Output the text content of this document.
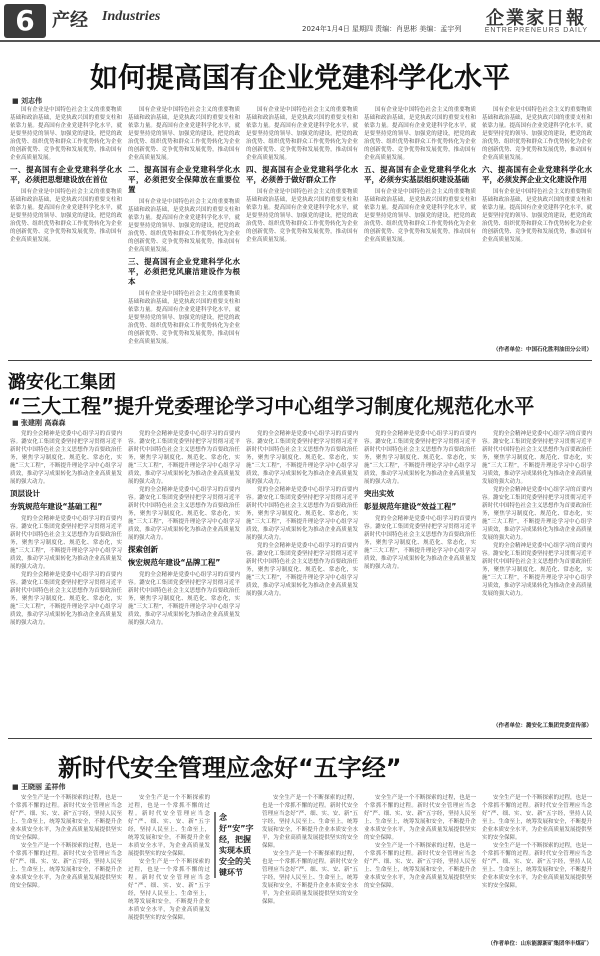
6 产经 Industries
2024年1月4日 星期四 责编：肖思彬 美编：孟宇列 企業家日報
ENTREPRENEURS DAILY
如何提高国有企业党建科学化水平
■ 刘志伟

国有企业是中国特色社会主义的重要物质基础和政治基础，是党执政兴国的重要支柱和依靠力量。提高国有企业党建科学化水平，就是要坚持党的领导、加强党的建设，把党的政治优势、组织优势和群众工作优势转化为企业的创新优势、竞争优势和发展优势，推动国有企业高质量发展。

一、提高国有企业党建科学化水平，必须把思想建设放在首位

国有企业是中国特色社会主义的重要物质基础和政治基础，是党执政兴国的重要支柱和依靠力量。提高国有企业党建科学化水平，就是要坚持党的领导、加强党的建设，把党的政治优势、组织优势和群众工作优势转化为企业的创新优势、竞争优势和发展优势，推动国有企业高质量发展。

国有企业是中国特色社会主义的重要物质基础和政治基础，是党执政兴国的重要支柱和依靠力量。提高国有企业党建科学化水平，就是要坚持党的领导、加强党的建设，把党的政治优势、组织优势和群众工作优势转化为企业的创新优势、竞争优势和发展优势，推动国有企业高质量发展。

二、提高国有企业党建科学化水平，必须把安全保障放在重要位置

国有企业是中国特色社会主义的重要物质基础和政治基础，是党执政兴国的重要支柱和依靠力量。提高国有企业党建科学化水平，就是要坚持党的领导、加强党的建设，把党的政治优势、组织优势和群众工作优势转化为企业的创新优势、竞争优势和发展优势，推动国有企业高质量发展。

三、提高国有企业党建科学化水平，必须把党风廉洁建设作为根本

国有企业是中国特色社会主义的重要物质基础和政治基础，是党执政兴国的重要支柱和依靠力量。提高国有企业党建科学化水平，就是要坚持党的领导、加强党的建设，把党的政治优势、组织优势和群众工作优势转化为企业的创新优势、竞争优势和发展优势，推动国有企业高质量发展。

国有企业是中国特色社会主义的重要物质基础和政治基础，是党执政兴国的重要支柱和依靠力量。提高国有企业党建科学化水平，就是要坚持党的领导、加强党的建设，把党的政治优势、组织优势和群众工作优势转化为企业的创新优势、竞争优势和发展优势，推动国有企业高质量发展。

四、提高国有企业党建科学化水平，必须善于做好群众工作

国有企业是中国特色社会主义的重要物质基础和政治基础，是党执政兴国的重要支柱和依靠力量。提高国有企业党建科学化水平，就是要坚持党的领导、加强党的建设，把党的政治优势、组织优势和群众工作优势转化为企业的创新优势、竞争优势和发展优势，推动国有企业高质量发展。

国有企业是中国特色社会主义的重要物质基础和政治基础，是党执政兴国的重要支柱和依靠力量。提高国有企业党建科学化水平，就是要坚持党的领导、加强党的建设，把党的政治优势、组织优势和群众工作优势转化为企业的创新优势、竞争优势和发展优势，推动国有企业高质量发展。

五、提高国有企业党建科学化水平，必须夯实基层组织建设基础

国有企业是中国特色社会主义的重要物质基础和政治基础，是党执政兴国的重要支柱和依靠力量。提高国有企业党建科学化水平，就是要坚持党的领导、加强党的建设，把党的政治优势、组织优势和群众工作优势转化为企业的创新优势、竞争优势和发展优势，推动国有企业高质量发展。

国有企业是中国特色社会主义的重要物质基础和政治基础，是党执政兴国的重要支柱和依靠力量。提高国有企业党建科学化水平，就是要坚持党的领导、加强党的建设，把党的政治优势、组织优势和群众工作优势转化为企业的创新优势、竞争优势和发展优势，推动国有企业高质量发展。

六、提高国有企业党建科学化水平，必须发挥企业文化建设作用

国有企业是中国特色社会主义的重要物质基础和政治基础，是党执政兴国的重要支柱和依靠力量。提高国有企业党建科学化水平，就是要坚持党的领导、加强党的建设，把党的政治优势、组织优势和群众工作优势转化为企业的创新优势、竞争优势和发展优势，推动国有企业高质量发展。

（作者单位：中国石化胜利油田分公司）
潞安化工集团
“三大工程”提升党委理论学习中心组学习制度化规范化水平
■ 张建刚 高森森

党的全会精神是党委中心组学习的首要内容。潞安化工集团党委坚持把学习贯彻习近平新时代中国特色社会主义思想作为首要政治任务，聚焦学习制度化、规范化、常态化，实施“三大工程”，不断提升理论学习中心组学习质效，推动学习成果转化为推动企业高质量发展的强大动力。

顶层设计

夯筑规范年建设“基础工程”

党的全会精神是党委中心组学习的首要内容。潞安化工集团党委坚持把学习贯彻习近平新时代中国特色社会主义思想作为首要政治任务，聚焦学习制度化、规范化、常态化，实施“三大工程”，不断提升理论学习中心组学习质效，推动学习成果转化为推动企业高质量发展的强大动力。

党的全会精神是党委中心组学习的首要内容。潞安化工集团党委坚持把学习贯彻习近平新时代中国特色社会主义思想作为首要政治任务，聚焦学习制度化、规范化、常态化，实施“三大工程”，不断提升理论学习中心组学习质效，推动学习成果转化为推动企业高质量发展的强大动力。

党的全会精神是党委中心组学习的首要内容。潞安化工集团党委坚持把学习贯彻习近平新时代中国特色社会主义思想作为首要政治任务，聚焦学习制度化、规范化、常态化，实施“三大工程”，不断提升理论学习中心组学习质效，推动学习成果转化为推动企业高质量发展的强大动力。

党的全会精神是党委中心组学习的首要内容。潞安化工集团党委坚持把学习贯彻习近平新时代中国特色社会主义思想作为首要政治任务，聚焦学习制度化、规范化、常态化，实施“三大工程”，不断提升理论学习中心组学习质效，推动学习成果转化为推动企业高质量发展的强大动力。

探索创新

恢宏规范年建设“品牌工程”

党的全会精神是党委中心组学习的首要内容。潞安化工集团党委坚持把学习贯彻习近平新时代中国特色社会主义思想作为首要政治任务，聚焦学习制度化、规范化、常态化，实施“三大工程”，不断提升理论学习中心组学习质效，推动学习成果转化为推动企业高质量发展的强大动力。

党的全会精神是党委中心组学习的首要内容。潞安化工集团党委坚持把学习贯彻习近平新时代中国特色社会主义思想作为首要政治任务，聚焦学习制度化、规范化、常态化，实施“三大工程”，不断提升理论学习中心组学习质效，推动学习成果转化为推动企业高质量发展的强大动力。

党的全会精神是党委中心组学习的首要内容。潞安化工集团党委坚持把学习贯彻习近平新时代中国特色社会主义思想作为首要政治任务，聚焦学习制度化、规范化、常态化，实施“三大工程”，不断提升理论学习中心组学习质效，推动学习成果转化为推动企业高质量发展的强大动力。

党的全会精神是党委中心组学习的首要内容。潞安化工集团党委坚持把学习贯彻习近平新时代中国特色社会主义思想作为首要政治任务，聚焦学习制度化、规范化、常态化，实施“三大工程”，不断提升理论学习中心组学习质效，推动学习成果转化为推动企业高质量发展的强大动力。

党的全会精神是党委中心组学习的首要内容。潞安化工集团党委坚持把学习贯彻习近平新时代中国特色社会主义思想作为首要政治任务，聚焦学习制度化、规范化、常态化，实施“三大工程”，不断提升理论学习中心组学习质效，推动学习成果转化为推动企业高质量发展的强大动力。

突出实效

彰显规范年建设“效益工程”

党的全会精神是党委中心组学习的首要内容。潞安化工集团党委坚持把学习贯彻习近平新时代中国特色社会主义思想作为首要政治任务，聚焦学习制度化、规范化、常态化，实施“三大工程”，不断提升理论学习中心组学习质效，推动学习成果转化为推动企业高质量发展的强大动力。

党的全会精神是党委中心组学习的首要内容。潞安化工集团党委坚持把学习贯彻习近平新时代中国特色社会主义思想作为首要政治任务，聚焦学习制度化、规范化、常态化，实施“三大工程”，不断提升理论学习中心组学习质效，推动学习成果转化为推动企业高质量发展的强大动力。

党的全会精神是党委中心组学习的首要内容。潞安化工集团党委坚持把学习贯彻习近平新时代中国特色社会主义思想作为首要政治任务，聚焦学习制度化、规范化、常态化，实施“三大工程”，不断提升理论学习中心组学习质效，推动学习成果转化为推动企业高质量发展的强大动力。

党的全会精神是党委中心组学习的首要内容。潞安化工集团党委坚持把学习贯彻习近平新时代中国特色社会主义思想作为首要政治任务，聚焦学习制度化、规范化、常态化，实施“三大工程”，不断提升理论学习中心组学习质效，推动学习成果转化为推动企业高质量发展的强大动力。

（作者单位：潞安化工集团党委宣传部）
新时代安全管理应念好“五字经”
■ 王晓丽 孟祥伟

安全生产是一个不断探索的过程，也是一个常抓不懈的过程。新时代安全管理应当念好“严、细、实、安、新”五字经，坚持人民至上、生命至上，统筹发展和安全，不断提升企业本质安全水平，为企业高质量发展提供坚实的安全保障。

安全生产是一个不断探索的过程，也是一个常抓不懈的过程。新时代安全管理应当念好“严、细、实、安、新”五字经，坚持人民至上、生命至上，统筹发展和安全，不断提升企业本质安全水平，为企业高质量发展提供坚实的安全保障。

安全生产是一个不断探索的过程，也是一个常抓不懈的过程。新时代安全管理应当念好“严、细、实、安、新”五字经，坚持人民至上、生命至上，统筹发展和安全，不断提升企业本质安全水平，为企业高质量发展提供坚实的安全保障。

安全生产是一个不断探索的过程，也是一个常抓不懈的过程。新时代安全管理应当念好“严、细、实、安、新”五字经，坚持人民至上、生命至上，统筹发展和安全，不断提升企业本质安全水平，为企业高质量发展提供坚实的安全保障。

念好“安”字经，把握实现本质安全的关键环节

安全生产是一个不断探索的过程，也是一个常抓不懈的过程。新时代安全管理应当念好“严、细、实、安、新”五字经，坚持人民至上、生命至上，统筹发展和安全，不断提升企业本质安全水平，为企业高质量发展提供坚实的安全保障。

安全生产是一个不断探索的过程，也是一个常抓不懈的过程。新时代安全管理应当念好“严、细、实、安、新”五字经，坚持人民至上、生命至上，统筹发展和安全，不断提升企业本质安全水平，为企业高质量发展提供坚实的安全保障。

安全生产是一个不断探索的过程，也是一个常抓不懈的过程。新时代安全管理应当念好“严、细、实、安、新”五字经，坚持人民至上、生命至上，统筹发展和安全，不断提升企业本质安全水平，为企业高质量发展提供坚实的安全保障。

安全生产是一个不断探索的过程，也是一个常抓不懈的过程。新时代安全管理应当念好“严、细、实、安、新”五字经，坚持人民至上、生命至上，统筹发展和安全，不断提升企业本质安全水平，为企业高质量发展提供坚实的安全保障。

安全生产是一个不断探索的过程，也是一个常抓不懈的过程。新时代安全管理应当念好“严、细、实、安、新”五字经，坚持人民至上、生命至上，统筹发展和安全，不断提升企业本质安全水平，为企业高质量发展提供坚实的安全保障。

安全生产是一个不断探索的过程，也是一个常抓不懈的过程。新时代安全管理应当念好“严、细、实、安、新”五字经，坚持人民至上、生命至上，统筹发展和安全，不断提升企业本质安全水平，为企业高质量发展提供坚实的安全保障。

（作者单位：山东能源新矿集团华丰煤矿）
